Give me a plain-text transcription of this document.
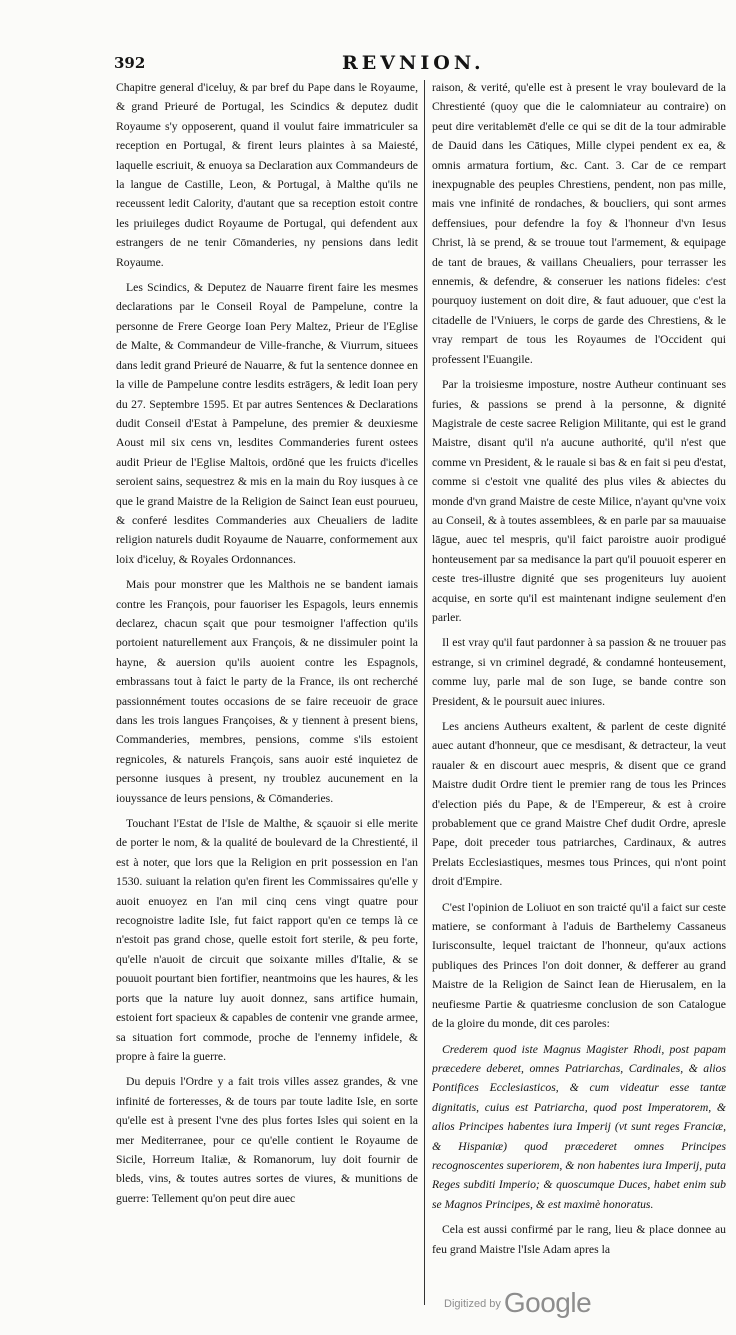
392	REVNION.

Chapitre general d'iceluy, & par bref du Pape dans le Royaume, & grand Prieuré de Portugal, les Scindics & deputez dudit Royaume s'y opposerent, quand il voulut faire immatriculer sa reception en Portugal, & firent leurs plaintes à sa Maiesté, laquelle escriuit, & enuoya sa Declaration aux Commandeurs de la langue de Castille, Leon, & Portugal, à Malthe qu'ils ne receussent ledit Calority, d'autant que sa reception estoit contre les priuileges dudict Royaume de Portugal, qui defendent aux estrangers de ne tenir Cōmanderies, ny pensions dans ledit Royaume.

Les Scindics, & Deputez de Nauarre firent faire les mesmes declarations par le Conseil Royal de Pampelune, contre la personne de Frere George Ioan Pery Maltez, Prieur de l'Eglise de Malte, & Commandeur de Ville-franche, & Viurrum, situees dans ledit grand Prieuré de Nauarre, & fut la sentence donnee en la ville de Pampelune contre lesdits estrāgers, & ledit Ioan pery du 27. Septembre 1595. Et par autres Sentences & Declarations dudit Conseil d'Estat à Pampelune, des premier & deuxiesme Aoust mil six cens vn, lesdites Commanderies furent ostees audit Prieur de l'Eglise Maltois, ordōné que les fruicts d'icelles seroient sains, sequestrez & mis en la main du Roy iusques à ce que le grand Maistre de la Religion de Sainct Iean eust pourueu, & conferé lesdites Commanderies aux Cheualiers de ladite religion naturels dudit Royaume de Nauarre, conformement aux loix d'iceluy, & Royales Ordonnances.

Mais pour monstrer que les Malthois ne se bandent iamais contre les François, pour fauoriser les Espagols, leurs ennemis declarez, chacun sçait que pour tesmoigner l'affection qu'ils portoient naturellement aux François, & ne dissimuler point la hayne, & auersion qu'ils auoient contre les Espagnols, embrassans tout à faict le party de la France, ils ont recherché passionnément toutes occasions de se faire receuoir de grace dans les trois langues Françoises, & y tiennent à present biens, Commanderies, membres, pensions, comme s'ils estoient regnicoles, & naturels François, sans auoir esté inquietez de personne iusques à present, ny troublez aucunement en la iouyssance de leurs pensions, & Cōmanderies.

Touchant l'Estat de l'Isle de Malthe, & sçauoir si elle merite de porter le nom, & la qualité de boulevard de la Chrestienté, il est à noter, que lors que la Religion en prit possession en l'an 1530. suiuant la relation qu'en firent les Commissaires qu'elle y auoit enuoyez en l'an mil cinq cens vingt quatre pour recognoistre ladite Isle, fut faict rapport qu'en ce temps là ce n'estoit pas grand chose, quelle estoit fort sterile, & peu forte, qu'elle n'auoit de circuit que soixante milles d'Italie, & se pouuoit pourtant bien fortifier, neantmoins que les haures, & les ports que la nature luy auoit donnez, sans artifice humain, estoient fort spacieux & capables de contenir vne grande armee, sa situation fort commode, proche de l'ennemy infidele, & propre à faire la guerre.

Du depuis l'Ordre y a fait trois villes assez grandes, & vne infinité de forteresses, & de tours par toute ladite Isle, en sorte qu'elle est à present l'vne des plus fortes Isles qui soient en la mer Mediterranee, pour ce qu'elle contient le Royaume de Sicile, Horreum Italiæ, & Romanorum, luy doit fournir de bleds, vins, & toutes autres sortes de viures, & munitions de guerre: Tellement qu'on peut dire auec

raison, & verité, qu'elle est à present le vray boulevard de la Chrestienté (quoy que die le calomniateur au contraire) on peut dire veritablemēt d'elle ce qui se dit de la tour admirable de Dauid dans les Cātiques, Mille clypei pendent ex ea, & omnis armatura fortium, &c. Cant. 3. Car de ce rempart inexpugnable des peuples Chrestiens, pendent, non pas mille, mais vne infinité de rondaches, & boucliers, qui sont armes deffensiues, pour defendre la foy & l'honneur d'vn Iesus Christ, là se prend, & se trouue tout l'armement, & equipage de tant de braues, & vaillans Cheualiers, pour terrasser les ennemis, & defendre, & conseruer les nations fideles: c'est pourquoy iustement on doit dire, & faut aduouer, que c'est la citadelle de l'Vniuers, le corps de garde des Chrestiens, & le vray rempart de tous les Royaumes de l'Occident qui professent l'Euangile.

Par la troisiesme imposture, nostre Autheur continuant ses furies, & passions se prend à la personne, & dignité Magistrale de ceste sacree Religion Militante, qui est le grand Maistre, disant qu'il n'a aucune authorité, qu'il n'est que comme vn President, & le rauale si bas & en fait si peu d'estat, comme si c'estoit vne qualité des plus viles & abiectes du monde d'vn grand Maistre de ceste Milice, n'ayant qu'vne voix au Conseil, & à toutes assemblees, & en parle par sa mauuaise lāgue, auec tel mespris, qu'il faict paroistre auoir prodigué honteusement par sa medisance la part qu'il pouuoit esperer en ceste tres-illustre dignité que ses progeniteurs luy auoient acquise, en sorte qu'il est maintenant indigne seulement d'en parler.

Il est vray qu'il faut pardonner à sa passion & ne trouuer pas estrange, si vn criminel degradé, & condamné honteusement, comme luy, parle mal de son Iuge, se bande contre son President, & le poursuit auec iniures.

Les anciens Autheurs exaltent, & parlent de ceste dignité auec autant d'honneur, que ce mesdisant, & detracteur, la veut raualer & en discourt auec mespris, & disent que ce grand Maistre dudit Ordre tient le premier rang de tous les Princes d'election piés du Pape, & de l'Empereur, & est à croire probablement que ce grand Maistre Chef dudit Ordre, apresle Pape, doit preceder tous patriarches, Cardinaux, & autres Prelats Ecclesiastiques, mesmes tous Princes, qui n'ont point droit d'Empire.

C'est l'opinion de Loliuot en son traicté qu'il a faict sur ceste matiere, se conformant à l'aduis de Barthelemy Cassaneus Iurisconsulte, lequel traictant de l'honneur, qu'aux actions publiques des Princes l'on doit donner, & defferer au grand Maistre de la Religion de Sainct Iean de Hierusalem, en la neufiesme Partie & quatriesme conclusion de son Catalogue de la gloire du monde, dit ces paroles:

Crederem quod iste Magnus Magister Rhodi, post papam præcedere deberet, omnes Patriarchas, Cardinales, & alios Pontifices Ecclesiasticos, & cum videatur esse tantæ dignitatis, cuius est Patriarcha, quod post Imperatorem, & alios Principes habentes iura Imperij (vt sunt reges Franciæ, & Hispaniæ) quod præcederet omnes Principes recognoscentes superiorem, & non habentes iura Imperij, puta Reges subditi Imperio; & quoscumque Duces, habet enim sub se Magnos Principes, & est maximè honoratus.

Cela est aussi confirmé par le rang, lieu & place donnee au feu grand Maistre l'Isle Adam apres la

$^{Digitized by}$ Google
